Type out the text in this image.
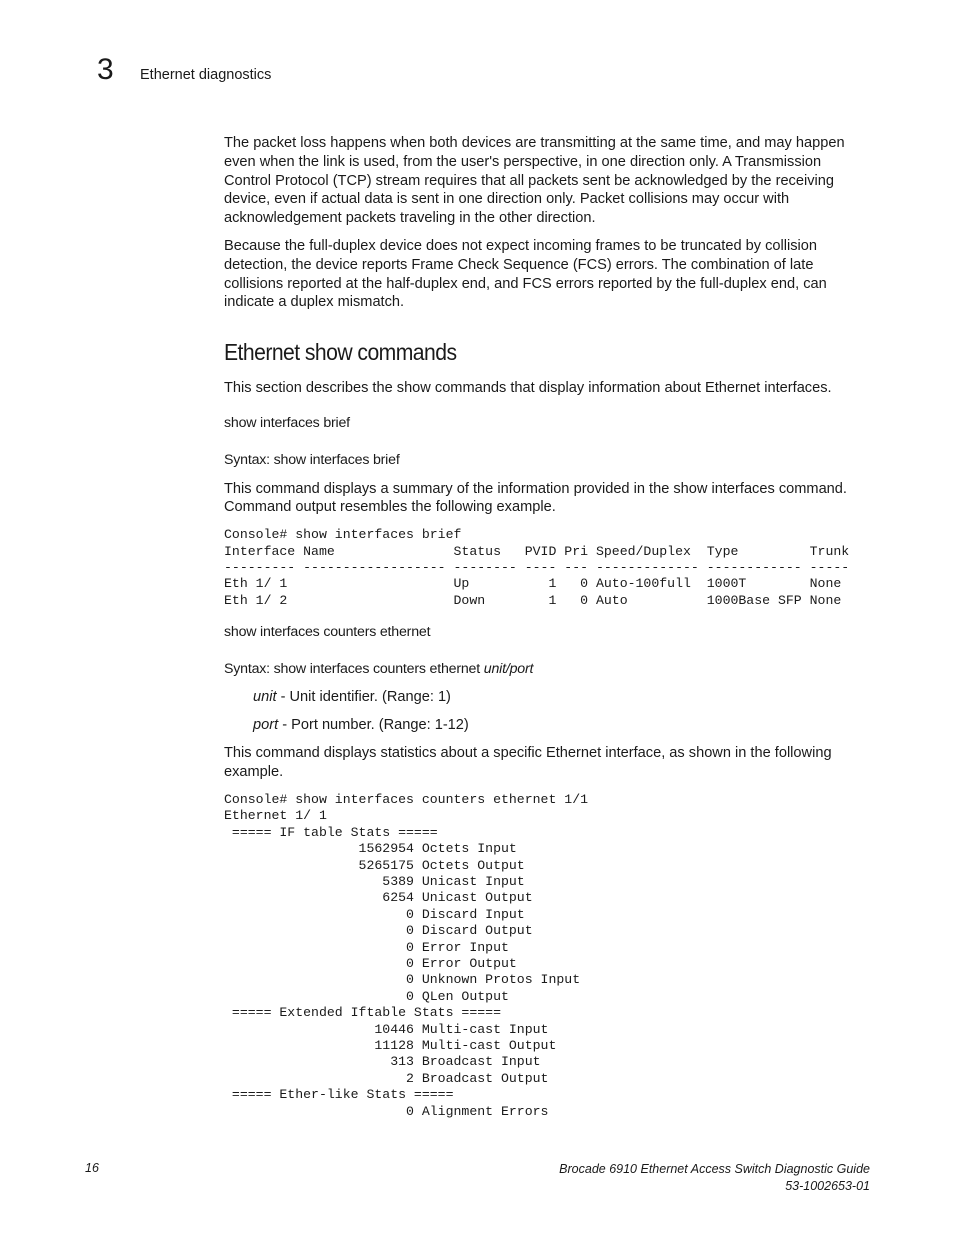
3 Ethernet diagnostics

The packet loss happens when both devices are transmitting at the same time, and may happen even when the link is used, from the user's perspective, in one direction only. A Transmission Control Protocol (TCP) stream requires that all packets sent be acknowledged by the receiving device, even if actual data is sent in one direction only. Packet collisions may occur with acknowledgement packets traveling in the other direction.

Because the full-duplex device does not expect incoming frames to be truncated by collision detection, the device reports Frame Check Sequence (FCS) errors. The combination of late collisions reported at the half-duplex end, and FCS errors reported by the full-duplex end, can indicate a duplex mismatch.

Ethernet show commands

This section describes the show commands that display information about Ethernet interfaces.

show interfaces brief

Syntax: show interfaces brief

This command displays a summary of the information provided in the show interfaces command. Command output resembles the following example.

Console# show interfaces brief
Interface Name               Status   PVID Pri Speed/Duplex  Type         Trunk
--------- ------------------ -------- ---- --- ------------- ------------ -----
Eth 1/ 1                     Up          1   0 Auto-100full  1000T        None
Eth 1/ 2                     Down        1   0 Auto          1000Base SFP None

show interfaces counters ethernet

Syntax: show interfaces counters ethernet unit/port

unit - Unit identifier. (Range: 1)

port - Port number. (Range: 1-12)

This command displays statistics about a specific Ethernet interface, as shown in the following example.

Console# show interfaces counters ethernet 1/1
Ethernet 1/ 1
===== IF table Stats =====
1562954 Octets Input
5265175 Octets Output
5389 Unicast Input
6254 Unicast Output
0 Discard Input
0 Discard Output
0 Error Input
0 Error Output
0 Unknown Protos Input
0 QLen Output
===== Extended Iftable Stats =====
10446 Multi-cast Input
11128 Multi-cast Output
313 Broadcast Input
2 Broadcast Output
===== Ether-like Stats =====
0 Alignment Errors
16	Brocade 6910 Ethernet Access Switch Diagnostic Guide
53-1002653-01
